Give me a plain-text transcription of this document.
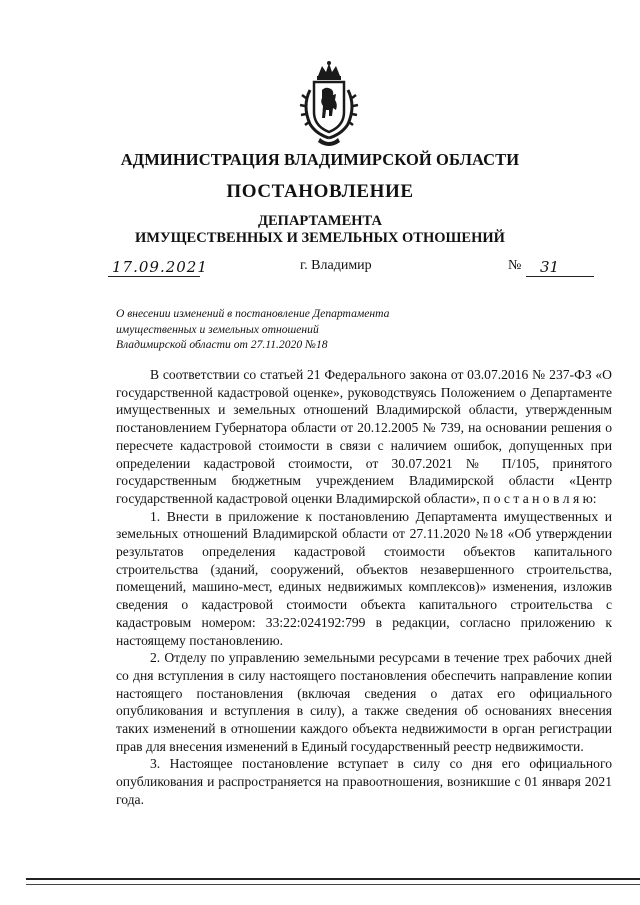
АДМИНИСТРАЦИЯ ВЛАДИМИРСКОЙ ОБЛАСТИ
ПОСТАНОВЛЕНИЕ
ДЕПАРТАМЕНТА
ИМУЩЕСТВЕННЫХ И ЗЕМЕЛЬНЫХ ОТНОШЕНИЙ
17.09.2021	г. Владимир	№ 31
О внесении изменений в постановление Департамента
имущественных и земельных отношений
Владимирской области от 27.11.2020 №18

В соответствии со статьей 21 Федерального закона от 03.07.2016 № 237-ФЗ «О государственной кадастровой оценке», руководствуясь Положением о Департаменте имущественных и земельных отношений Владимирской области, утвержденным постановлением Губернатора области от 20.12.2005 № 739, на основании решения о пересчете кадастровой стоимости в связи с наличием ошибок, допущенных при определении кадастровой стоимости, от 30.07.2021 № П/105, принятого государственным бюджетным учреждением Владимирской области «Центр государственной кадастровой оценки Владимирской области», п о с т а н о в л я ю:

1. Внести в приложение к постановлению Департамента имущественных и земельных отношений Владимирской области от 27.11.2020 №18 «Об утверждении результатов определения кадастровой стоимости объектов капитального строительства (зданий, сооружений, объектов незавершенного строительства, помещений, машино-мест, единых недвижимых комплексов)» изменения, изложив сведения о кадастровой стоимости объекта капитального строительства с кадастровым номером: 33:22:024192:799 в редакции, согласно приложению к настоящему постановлению.

2. Отделу по управлению земельными ресурсами в течение трех рабочих дней со дня вступления в силу настоящего постановления обеспечить направление копии настоящего постановления (включая сведения о датах его официального опубликования и вступления в силу), а также сведения об основаниях внесения таких изменений в отношении каждого объекта недвижимости в орган регистрации прав для внесения изменений в Единый государственный реестр недвижимости.

3. Настоящее постановление вступает в силу со дня его официального опубликования и распространяется на правоотношения, возникшие с 01 января 2021 года.
